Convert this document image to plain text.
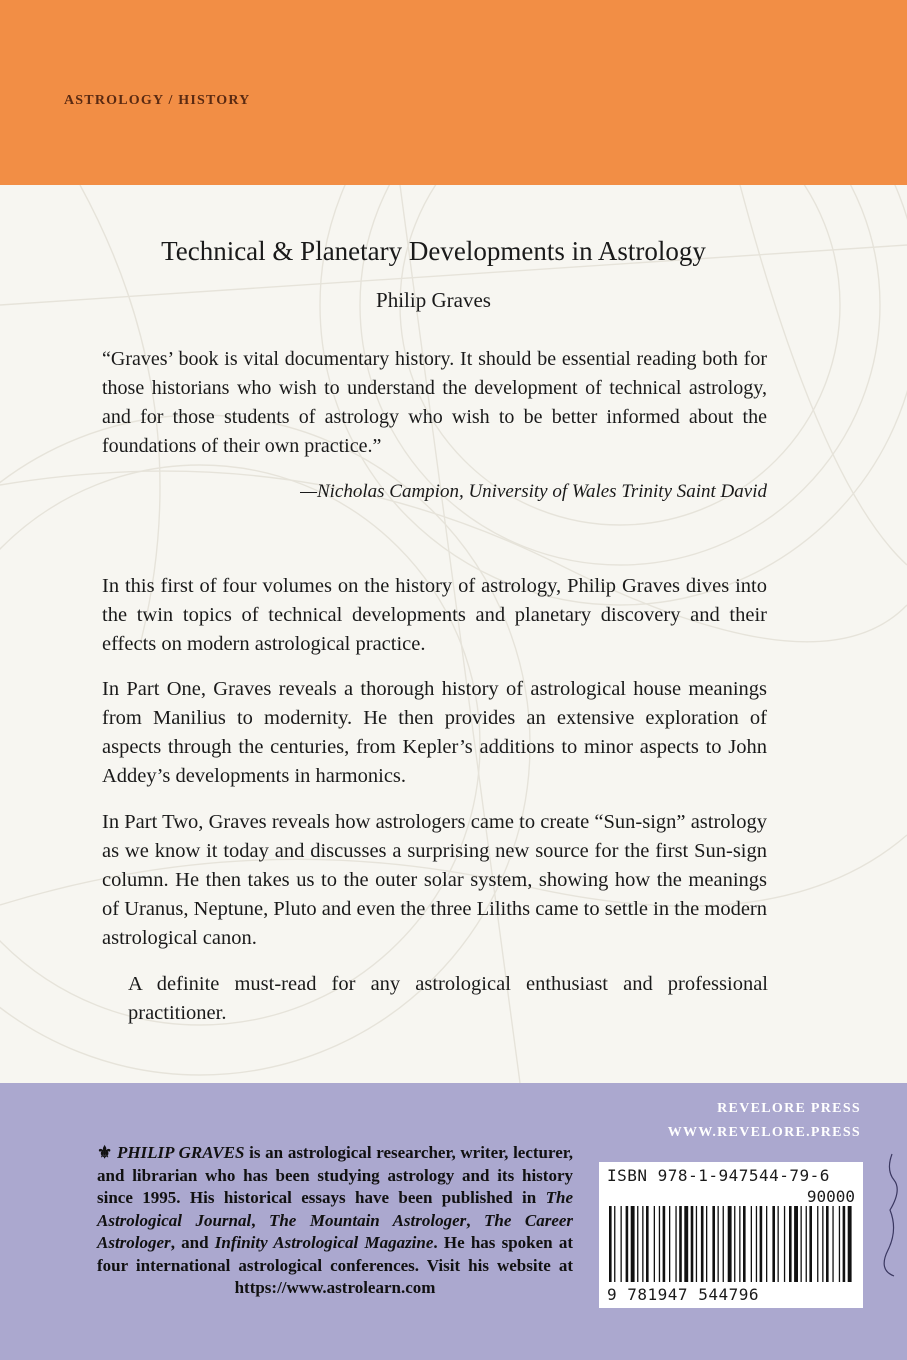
ASTROLOGY / HISTORY
Technical & Planetary Developments in Astrology
Philip Graves
“Graves’ book is vital documentary history. It should be essential reading both for those historians who wish to understand the development of technical astrology, and for those students of astrology who wish to be better informed about the foundations of their own practice.”
—Nicholas Campion, University of Wales Trinity Saint David
In this first of four volumes on the history of astrology, Philip Graves dives into the twin topics of technical developments and planetary discovery and their effects on modern astrological practice.
In Part One, Graves reveals a thorough history of astrological house meanings from Manilius to modernity. He then provides an extensive exploration of aspects through the centuries, from Kepler’s additions to minor aspects to John Addey’s developments in harmonics.
In Part Two, Graves reveals how astrologers came to create “Sun-sign” astrology as we know it today and discusses a surprising new source for the first Sun-sign column. He then takes us to the outer solar system, showing how the meanings of Uranus, Neptune, Pluto and even the three Liliths came to settle in the modern astrological canon.
A definite must-read for any astrological enthusiast and professional practitioner.
⚜ PHILIP GRAVES is an astrological researcher, writer, lecturer, and librarian who has been studying astrology and its history since 1995. His historical essays have been published in The Astrological Journal, The Mountain Astrologer, The Career Astrologer, and Infinity Astrological Magazine. He has spoken at four international astrological conferences. Visit his website at https://www.astrolearn.com
REVELORE PRESS
WWW.REVELORE.PRESS
ISBN 978-1-947544-79-6
90000
9 781947 544796
